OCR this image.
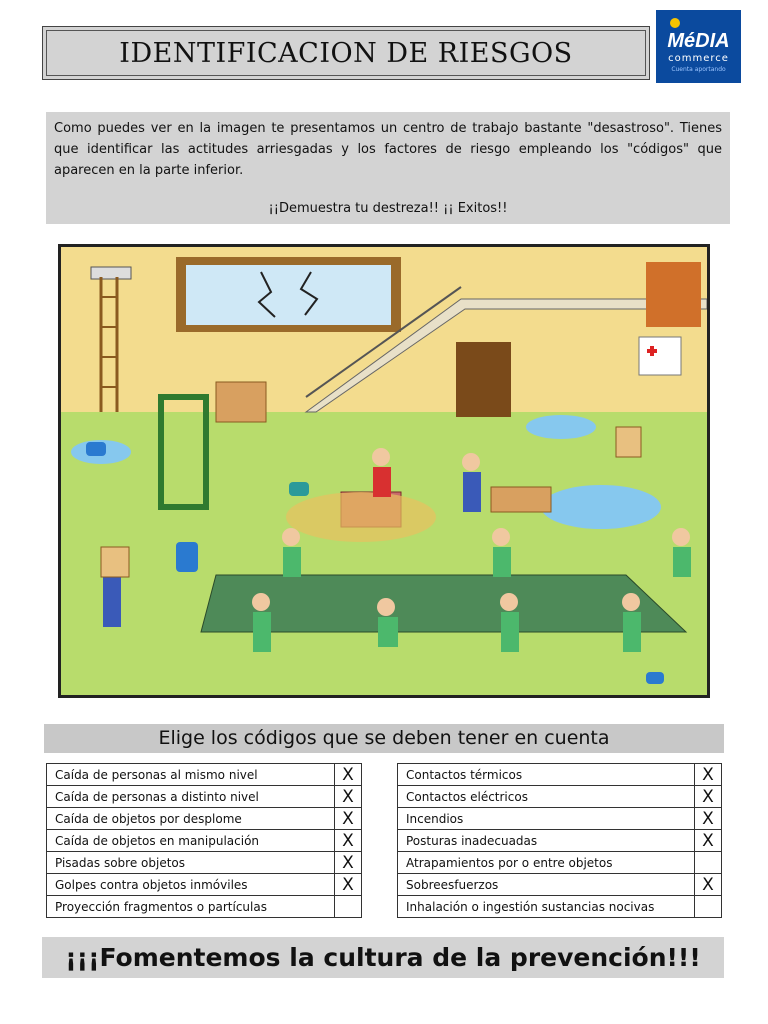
IDENTIFICACION DE RIESGOS	MéDIA
commerce
Cuenta aportando
Como puedes ver en la imagen te presentamos un centro de trabajo bastante "desastroso". Tienes que identificar las actitudes arriesgadas y los factores de riesgo empleando los "códigos" que aparecen en la parte inferior.
¡¡Demuestra tu destreza!! ¡¡ Exitos!!
Elige los códigos que se deben tener en cuenta
Caída de personas al mismo nivel	X
Caída de personas a distinto nivel	X
Caída de objetos por desplome	X
Caída de objetos en manipulación	X
Pisadas sobre objetos	X
Golpes contra objetos inmóviles	X
Proyección fragmentos o partículas	
Contactos térmicos	X
Contactos eléctricos	X
Incendios	X
Posturas inadecuadas	X
Atrapamientos por o entre objetos	
Sobreesfuerzos	X
Inhalación o ingestión sustancias nocivas	
¡¡¡Fomentemos la cultura de la prevención!!!
